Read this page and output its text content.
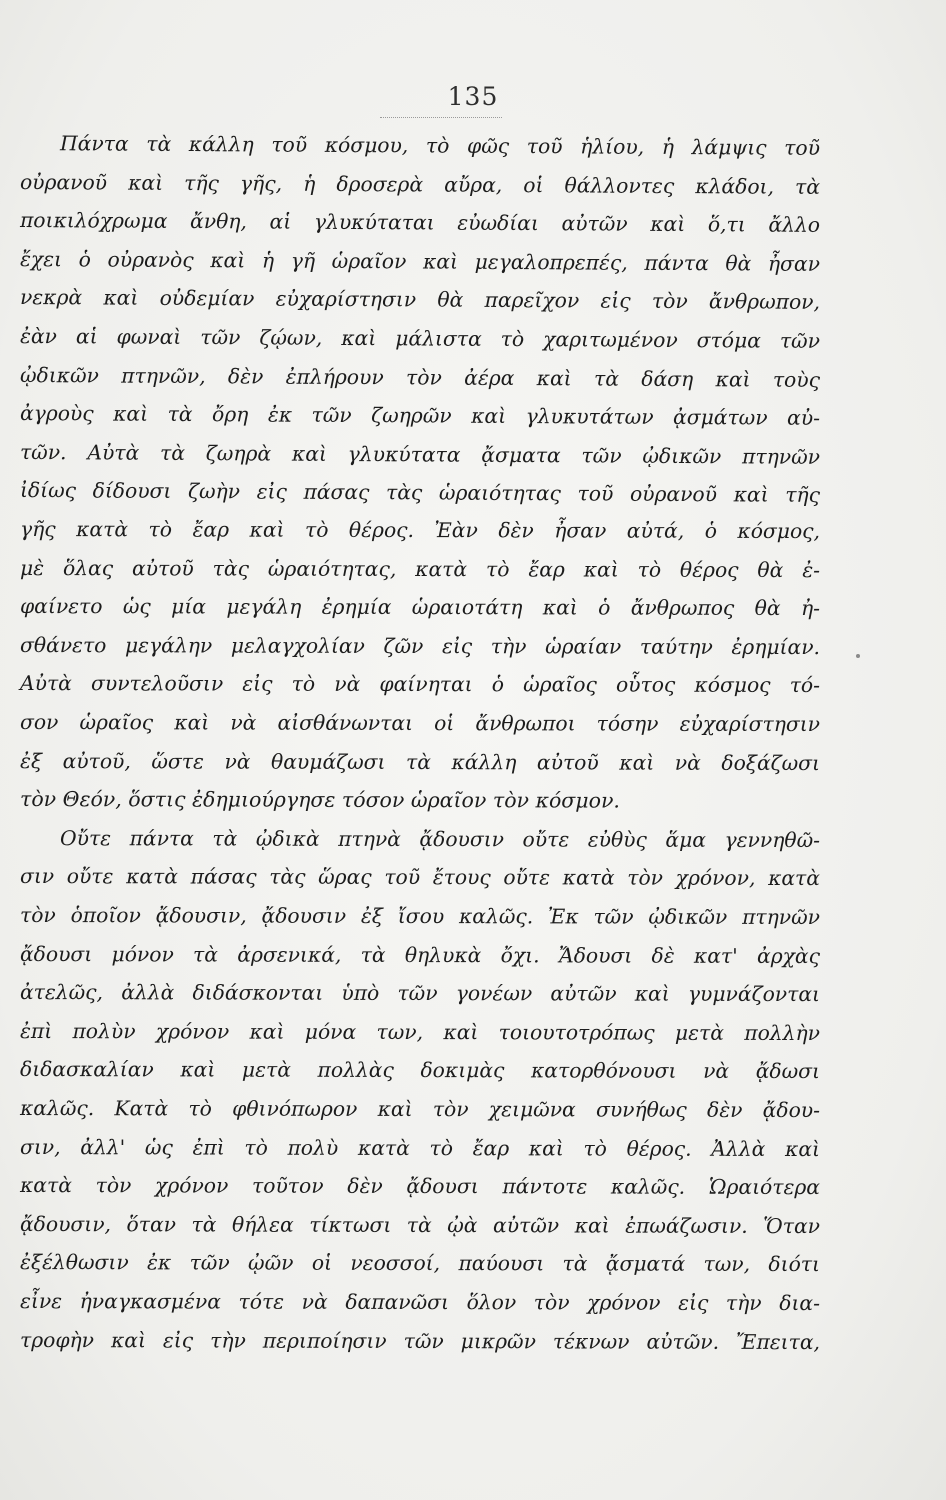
135
Πάντα τὰ κάλλη τοῦ κόσμου, τὸ φῶς τοῦ ἡλίου, ἡ λάμψις τοῦ
οὐρανοῦ καὶ τῆς γῆς, ἡ δροσερὰ αὔρα, οἱ θάλλοντες κλάδοι, τὰ
ποικιλόχρωμα ἄνθη, αἱ γλυκύταται εὐωδίαι αὐτῶν καὶ ὅ,τι ἄλλο
ἔχει ὁ οὐρανὸς καὶ ἡ γῆ ὡραῖον καὶ μεγαλοπρεπές, πάντα θὰ ἦσαν
νεκρὰ καὶ οὐδεμίαν εὐχαρίστησιν θὰ παρεῖχον εἰς τὸν ἄνθρωπον,
ἐὰν αἱ φωναὶ τῶν ζῴων, καὶ μάλιστα τὸ χαριτωμένον στόμα τῶν
ᾠδικῶν πτηνῶν, δὲν ἐπλήρουν τὸν ἀέρα καὶ τὰ δάση καὶ τοὺς
ἀγροὺς καὶ τὰ ὄρη ἐκ τῶν ζωηρῶν καὶ γλυκυτάτων ᾀσμάτων αὐ-
τῶν. Αὐτὰ τὰ ζωηρὰ καὶ γλυκύτατα ᾄσματα τῶν ᾠδικῶν πτηνῶν
ἰδίως δίδουσι ζωὴν εἰς πάσας τὰς ὡραιότητας τοῦ οὐρανοῦ καὶ τῆς
γῆς κατὰ τὸ ἔαρ καὶ τὸ θέρος. Ἐὰν δὲν ἦσαν αὐτά, ὁ κόσμος,
μὲ ὅλας αὐτοῦ τὰς ὡραιότητας, κατὰ τὸ ἔαρ καὶ τὸ θέρος θὰ ἐ-
φαίνετο ὡς μία μεγάλη ἐρημία ὡραιοτάτη καὶ ὁ ἄνθρωπος θὰ ἠ-
σθάνετο μεγάλην μελαγχολίαν ζῶν εἰς τὴν ὡραίαν ταύτην ἐρημίαν.
Αὐτὰ συντελοῦσιν εἰς τὸ νὰ φαίνηται ὁ ὡραῖος οὗτος κόσμος τό-
σον ὡραῖος καὶ νὰ αἰσθάνωνται οἱ ἄνθρωποι τόσην εὐχαρίστησιν
ἐξ αὐτοῦ, ὥστε νὰ θαυμάζωσι τὰ κάλλη αὐτοῦ καὶ νὰ δοξάζωσι
τὸν Θεόν, ὅστις ἐδημιούργησε τόσον ὡραῖον τὸν κόσμον.
Οὔτε πάντα τὰ ᾠδικὰ πτηνὰ ᾄδουσιν οὔτε εὐθὺς ἅμα γεννηθῶ-
σιν οὔτε κατὰ πάσας τὰς ὥρας τοῦ ἔτους οὔτε κατὰ τὸν χρόνον, κατὰ
τὸν ὁποῖον ᾄδουσιν, ᾄδουσιν ἐξ ἴσου καλῶς. Ἐκ τῶν ᾠδικῶν πτηνῶν
ᾄδουσι μόνον τὰ ἀρσενικά, τὰ θηλυκὰ ὄχι. Ἄδουσι δὲ κατ' ἀρχὰς
ἀτελῶς, ἀλλὰ διδάσκονται ὑπὸ τῶν γονέων αὐτῶν καὶ γυμνάζονται
ἐπὶ πολὺν χρόνον καὶ μόνα των, καὶ τοιουτοτρόπως μετὰ πολλὴν
διδασκαλίαν καὶ μετὰ πολλὰς δοκιμὰς κατορθόνουσι νὰ ᾄδωσι
καλῶς. Κατὰ τὸ φθινόπωρον καὶ τὸν χειμῶνα συνήθως δὲν ᾄδου-
σιν, ἀλλ' ὡς ἐπὶ τὸ πολὺ κατὰ τὸ ἔαρ καὶ τὸ θέρος. Ἀλλὰ καὶ
κατὰ τὸν χρόνον τοῦτον δὲν ᾄδουσι πάντοτε καλῶς. Ὡραιότερα
ᾄδουσιν, ὅταν τὰ θήλεα τίκτωσι τὰ ᾠὰ αὐτῶν καὶ ἐπωάζωσιν. Ὅταν
ἐξέλθωσιν ἐκ τῶν ᾠῶν οἱ νεοσσοί, παύουσι τὰ ᾄσματά των, διότι
εἶνε ἠναγκασμένα τότε νὰ δαπανῶσι ὅλον τὸν χρόνον εἰς τὴν δια-
τροφὴν καὶ εἰς τὴν περιποίησιν τῶν μικρῶν τέκνων αὐτῶν. Ἔπειτα,
